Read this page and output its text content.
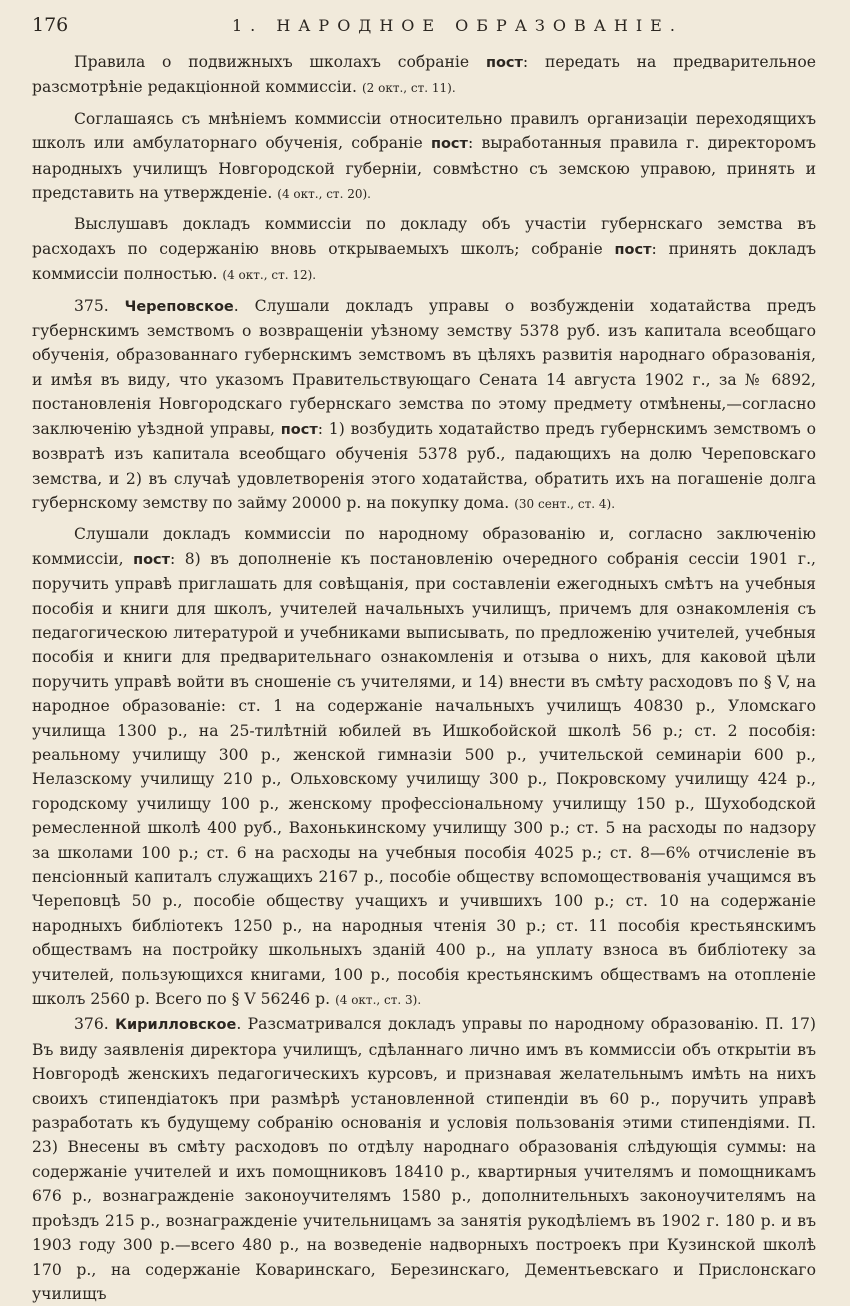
176	1. НАРОДНОЕ ОБРАЗОВАНІЕ.

Правила о подвижныхъ школахъ собраніе пост: передать на предварительное разсмотрѣніе редакціонной коммиссіи. (2 окт., ст. 11).

Соглашаясь съ мнѣніемъ коммиссіи относительно правилъ организаціи переходящихъ школъ или амбулаторнаго обученія, собраніе пост: выработанныя правила г. директоромъ народныхъ училищъ Новгородской губерніи, совмѣстно съ земскою управою, принять и представить на утвержденіе. (4 окт., ст. 20).

Выслушавъ докладъ коммиссіи по докладу объ участіи губернскаго земства въ расходахъ по содержанію вновь открываемыхъ школъ; собраніе пост: принять докладъ коммиссіи полностью. (4 окт., ст. 12).

375. Череповское. Слушали докладъ управы о возбужденіи ходатайства предъ губернскимъ земствомъ о возвращеніи уѣзному земству 5378 руб. изъ капитала всеобщаго обученія, образованнаго губернскимъ земствомъ въ цѣляхъ развитія народнаго образованія, и имѣя въ виду, что указомъ Правительствующаго Сената 14 августа 1902 г., за № 6892, постановленія Новгородскаго губернскаго земства по этому предмету отмѣнены,—согласно заключенію уѣздной управы, пост: 1) возбудить ходатайство предъ губернскимъ земствомъ о возвратѣ изъ капитала всеобщаго обученія 5378 руб., падающихъ на долю Череповскаго земства, и 2) въ случаѣ удовлетворенія этого ходатайства, обратить ихъ на погашеніе долга губернскому земству по займу 20000 р. на покупку дома. (30 сент., ст. 4).

Слушали докладъ коммиссіи по народному образованію и, согласно заключенію коммиссіи, пост: 8) въ дополненіе къ постановленію очередного собранія сессіи 1901 г., поручить управѣ приглашать для совѣщанія, при составленіи ежегодныхъ смѣтъ на учебныя пособія и книги для школъ, учителей начальныхъ училищъ, причемъ для ознакомленія съ педагогическою литературой и учебниками выписывать, по предложенію учителей, учебныя пособія и книги для предварительнаго ознакомленія и отзыва о нихъ, для каковой цѣли поручить управѣ войти въ сношеніе съ учителями, и 14) внести въ смѣту расходовъ по § V, на народное образованіе: ст. 1 на содержаніе начальныхъ училищъ 40830 р., Уломскаго училища 1300 р., на 25-тилѣтній юбилей въ Ишкобойской школѣ 56 р.; ст. 2 пособія: реальному училищу 300 р., женской гимназіи 500 р., учительской семинаріи 600 р., Нелазскому училищу 210 р., Ольховскому училищу 300 р., Покровскому училищу 424 р., городскому училищу 100 р., женскому профессіональному училищу 150 р., Шухободской ремесленной школѣ 400 руб., Вахонькинскому училищу 300 р.; ст. 5 на расходы по надзору за школами 100 р.; ст. 6 на расходы на учебныя пособія 4025 р.; ст. 8—6% отчисленіе въ пенсіонный капиталъ служащихъ 2167 р., пособіе обществу вспомоществованія учащимся въ Череповцѣ 50 р., пособіе обществу учащихъ и учившихъ 100 р.; ст. 10 на содержаніе народныхъ библіотекъ 1250 р., на народныя чтенія 30 р.; ст. 11 пособія крестьянскимъ обществамъ на постройку школьныхъ зданій 400 р., на уплату взноса въ библіотеку за учителей, пользующихся книгами, 100 р., пособія крестьянскимъ обществамъ на отопленіе школъ 2560 р. Всего по § V 56246 р. (4 окт., ст. 3).

376. Кирилловское. Разсматривался докладъ управы по народному образованію. П. 17) Въ виду заявленія директора училищъ, сдѣланнаго лично имъ въ коммиссіи объ открытіи въ Новгородѣ женскихъ педагогическихъ курсовъ, и признавая желательнымъ имѣть на нихъ своихъ стипендіатокъ при размѣрѣ установленной стипендіи въ 60 р., поручить управѣ разработать къ будущему собранію основанія и условія пользованія этими стипендіями. П. 23) Внесены въ смѣту расходовъ по отдѣлу народнаго образованія слѣдующія суммы: на содержаніе учителей и ихъ помощниковъ 18410 р., квартирныя учителямъ и помощникамъ 676 р., вознагражденіе законоучителямъ 1580 р., дополнительныхъ законоучителямъ на проѣздъ 215 р., вознагражденіе учительницамъ за занятія рукодѣліемъ въ 1902 г. 180 р. и въ 1903 году 300 р.—всего 480 р., на возведеніе надворныхъ построекъ при Кузинской школѣ 170 р., на содержаніе Коваринскаго, Березинскаго, Дементьевскаго и Прислонскаго училищъ
